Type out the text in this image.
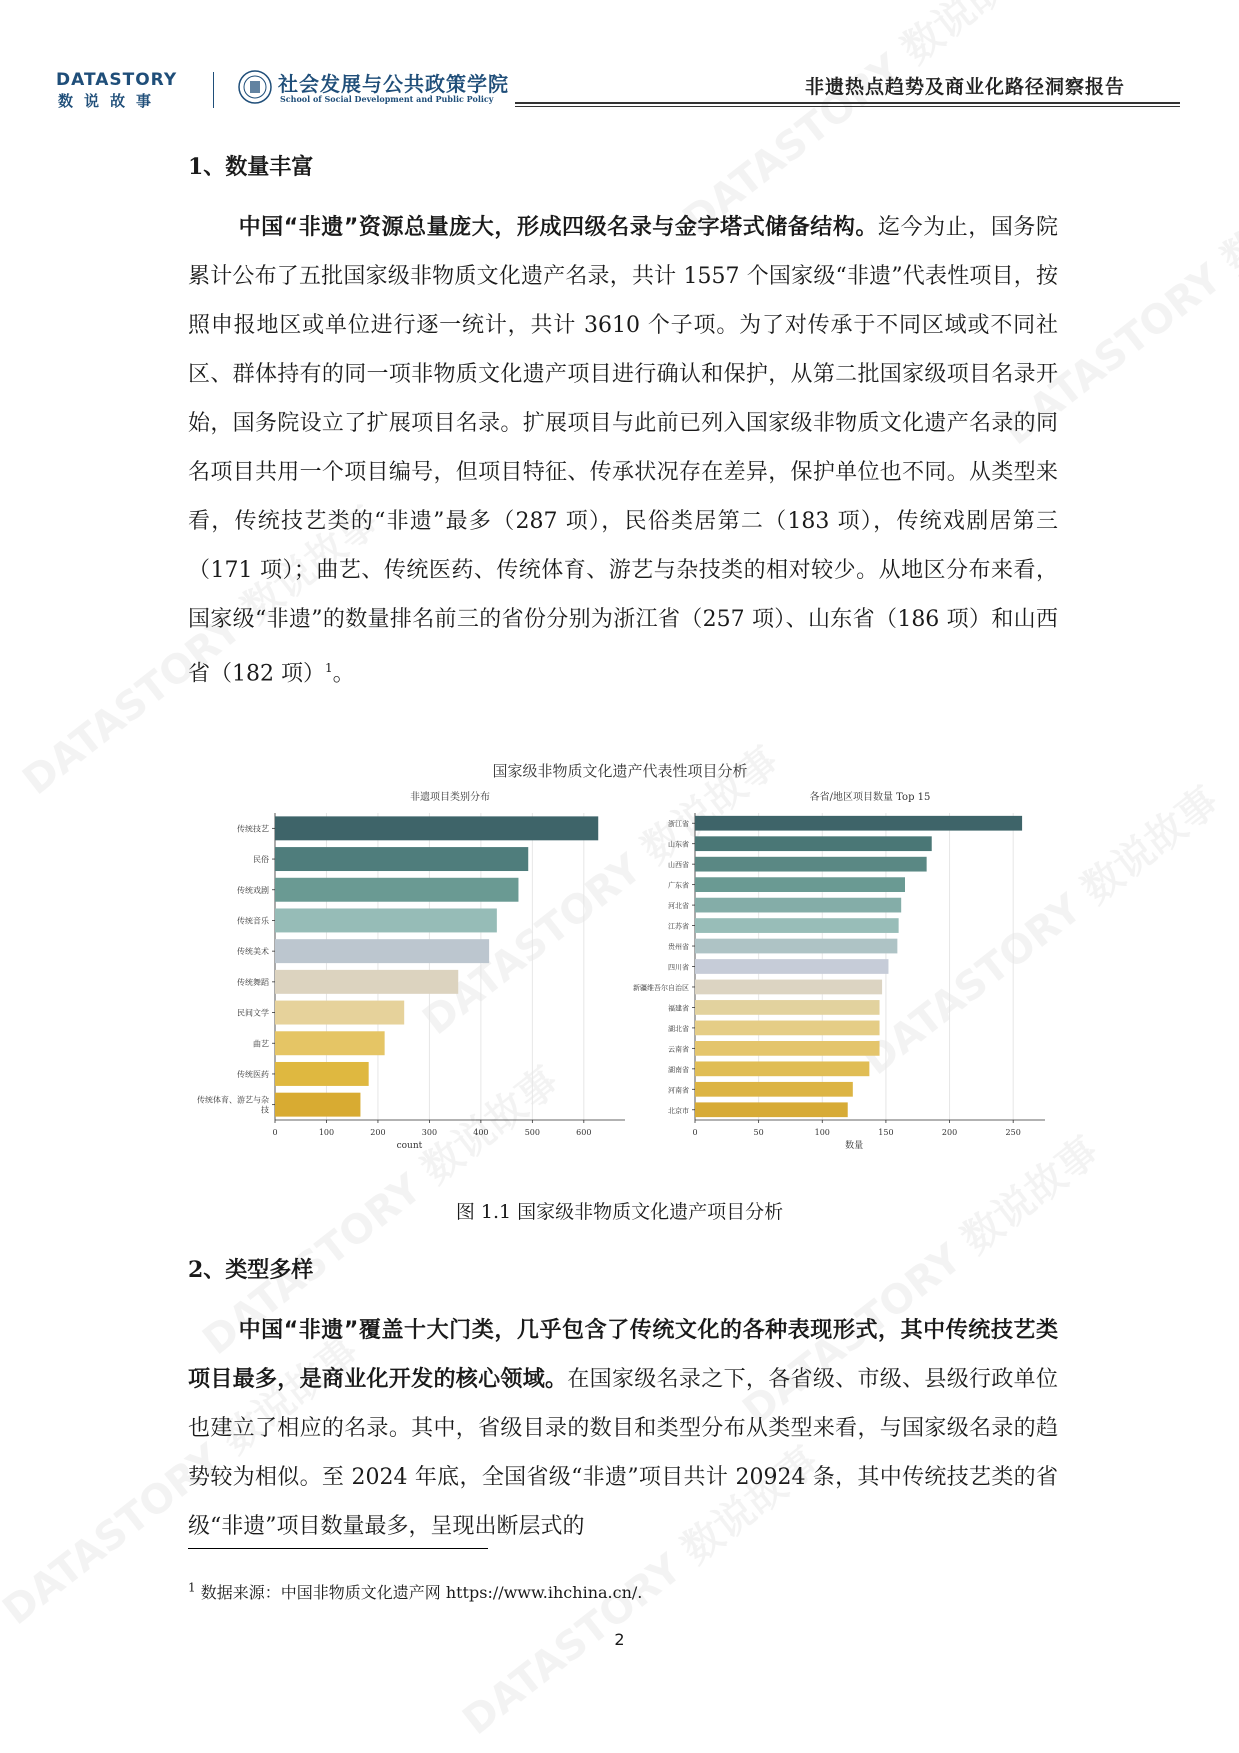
DATASTORY
数说故事
社会发展与公共政策学院
School of Social Development and Public Policy
非遗热点趋势及商业化路径洞察报告
1、数量丰富
中国“非遗”资源总量庞大，形成四级名录与金字塔式储备结构。迄今为止，国务院累计公布了五批国家级非物质文化遗产名录，共计 1557 个国家级“非遗”代表性项目，按照申报地区或单位进行逐一统计，共计 3610 个子项。为了对传承于不同区域或不同社区、群体持有的同一项非物质文化遗产项目进行确认和保护，从第二批国家级项目名录开始，国务院设立了扩展项目名录。扩展项目与此前已列入国家级非物质文化遗产名录的同名项目共用一个项目编号，但项目特征、传承状况存在差异，保护单位也不同。从类型来看，传统技艺类的“非遗”最多（287 项），民俗类居第二（183 项），传统戏剧居第三（171 项）；曲艺、传统医药、传统体育、游艺与杂技类的相对较少。从地区分布来看，国家级“非遗”的数量排名前三的省份分别为浙江省（257 项）、山东省（186 项）和山西省（182 项）$^1$。
国家级非物质文化遗产代表性项目分析
非遗项目类别分布
0	100	200	300	400	500	600
count
传统技艺
民俗
传统戏剧
传统音乐
传统美术
传统舞蹈
民间文学
曲艺
传统医药
传统体育、游艺与杂技
各省/地区项目数量 Top 15
0	50	100	150	200	250
数量
浙江省
山东省
山西省
广东省
河北省
江苏省
贵州省
四川省
新疆维吾尔自治区
福建省
湖北省
云南省
湖南省
河南省
北京市
图 1.1 国家级非物质文化遗产项目分析
2、类型多样
中国“非遗”覆盖十大门类，几乎包含了传统文化的各种表现形式，其中传统技艺类项目最多，是商业化开发的核心领域。在国家级名录之下，各省级、市级、县级行政单位也建立了相应的名录。其中，省级目录的数目和类型分布从类型来看，与国家级名录的趋势较为相似。至 2024 年底，全国省级“非遗”项目共计 20924 条，其中传统技艺类的省级“非遗”项目数量最多，呈现出断层式的
$^1$ 数据来源：中国非物质文化遗产网 https://www.ihchina.cn/.
2
